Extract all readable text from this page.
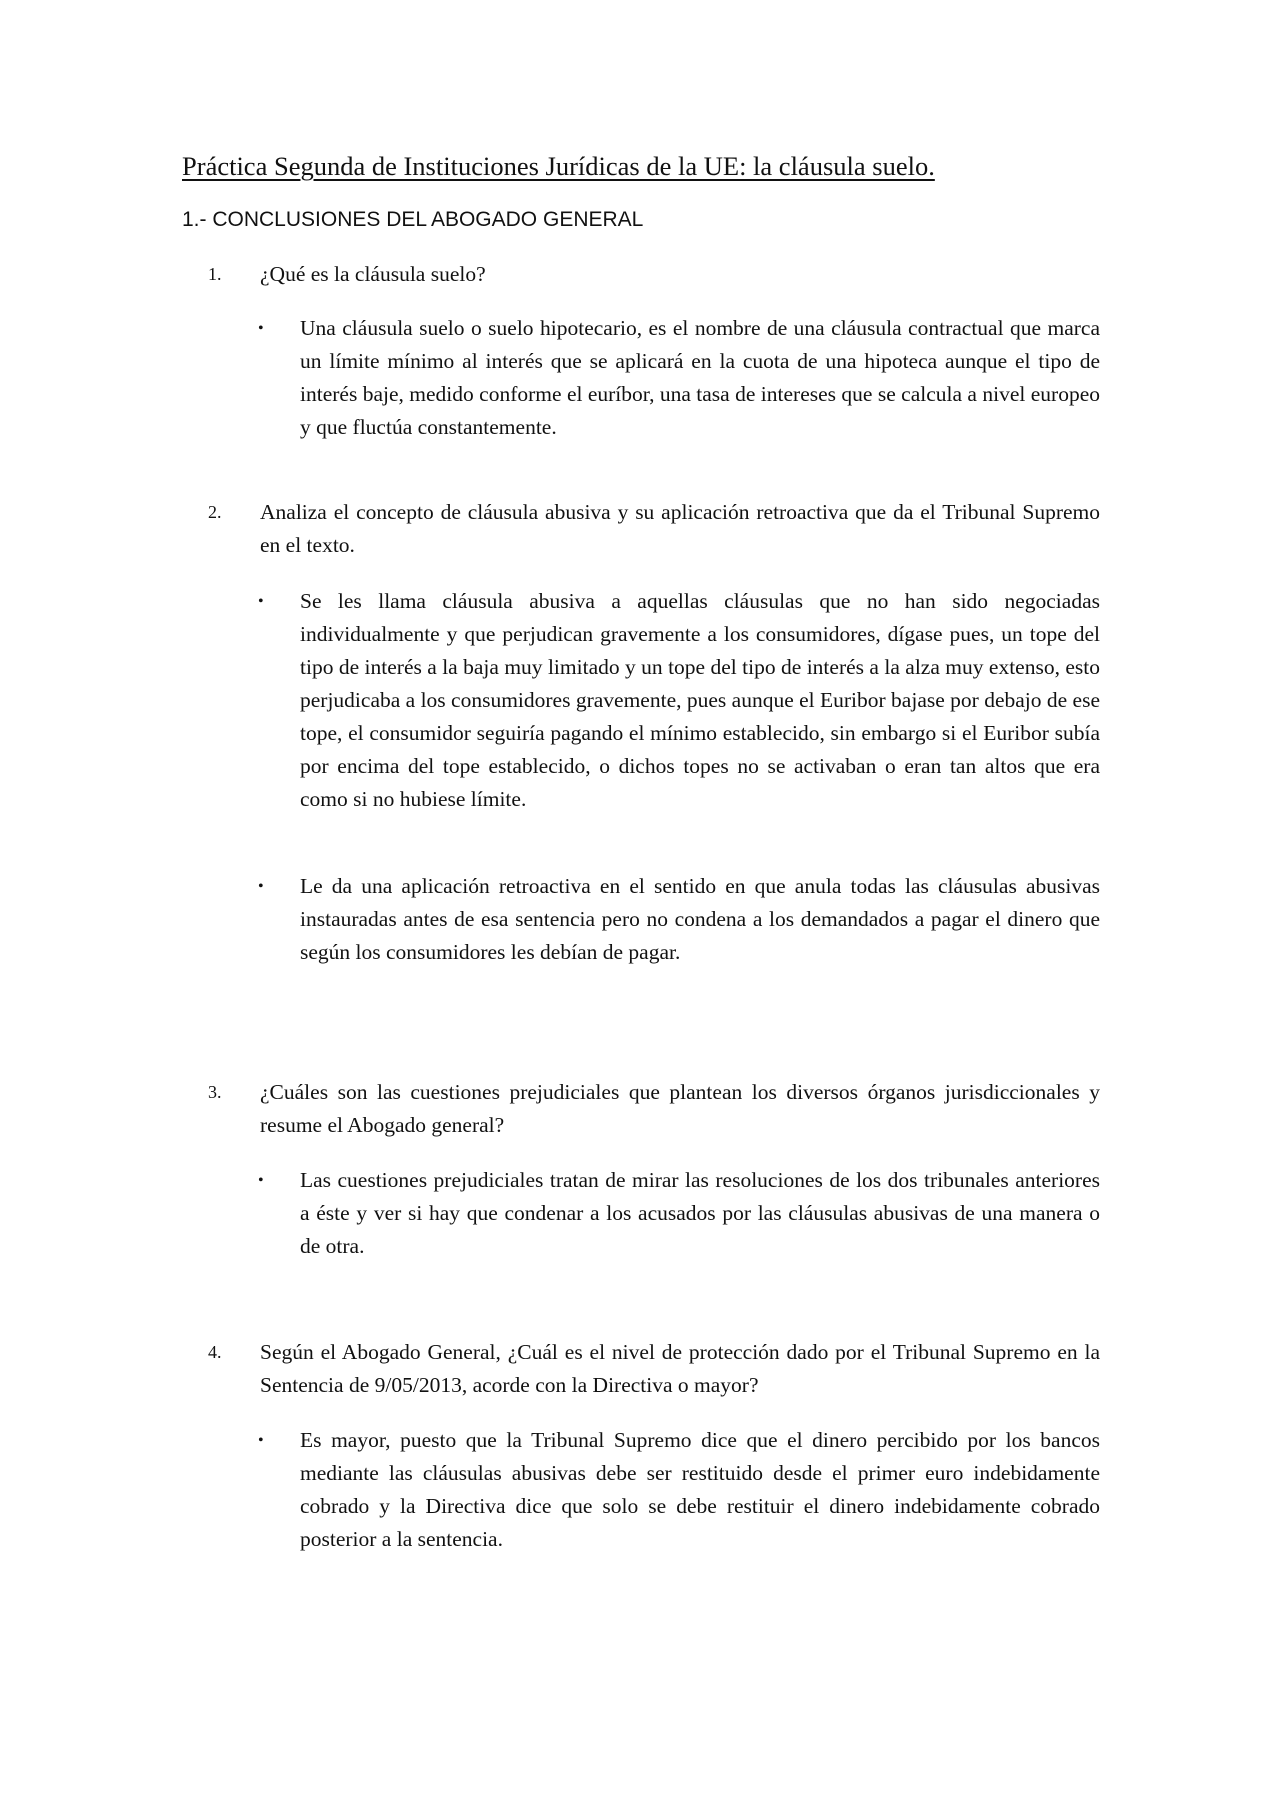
Práctica Segunda de Instituciones Jurídicas de la UE: la cláusula suelo.
1.- CONCLUSIONES DEL ABOGADO GENERAL
1.	¿Qué es la cláusula suelo?
• Una cláusula suelo o suelo hipotecario, es el nombre de una cláusula contractual que marca un límite mínimo al interés que se aplicará en la cuota de una hipoteca aunque el tipo de interés baje, medido conforme el euríbor, una tasa de intereses que se calcula a nivel europeo y que fluctúa constantemente.
2.	Analiza el concepto de cláusula abusiva y su aplicación retroactiva que da el Tribunal Supremo en el texto.
• Se les llama cláusula abusiva a aquellas cláusulas que no han sido negociadas individualmente y que perjudican gravemente a los consumidores, dígase pues, un tope del tipo de interés a la baja muy limitado y un tope del tipo de interés a la alza muy extenso, esto perjudicaba a los consumidores gravemente, pues aunque el Euribor bajase por debajo de ese tope, el consumidor seguiría pagando el mínimo establecido, sin embargo si el Euribor subía por encima del tope establecido, o dichos topes no se activaban o eran tan altos que era como si no hubiese límite.
• Le da una aplicación retroactiva en el sentido en que anula todas las cláusulas abusivas instauradas antes de esa sentencia pero no condena a los demandados a pagar el dinero que según los consumidores les debían de pagar.
3.	¿Cuáles son las cuestiones prejudiciales que plantean los diversos órganos jurisdiccionales y resume el Abogado general?
• Las cuestiones prejudiciales tratan de mirar las resoluciones de los dos tribunales anteriores a éste y ver si hay que condenar a los acusados por las cláusulas abusivas de una manera o de otra.
4.	Según el Abogado General, ¿Cuál es el nivel de protección dado por el Tribunal Supremo en la Sentencia de 9/05/2013, acorde con la Directiva o mayor?
• Es mayor, puesto que la Tribunal Supremo dice que el dinero percibido por los bancos mediante las cláusulas abusivas debe ser restituido desde el primer euro indebidamente cobrado y la Directiva dice que solo se debe restituir el dinero indebidamente cobrado posterior a la sentencia.
